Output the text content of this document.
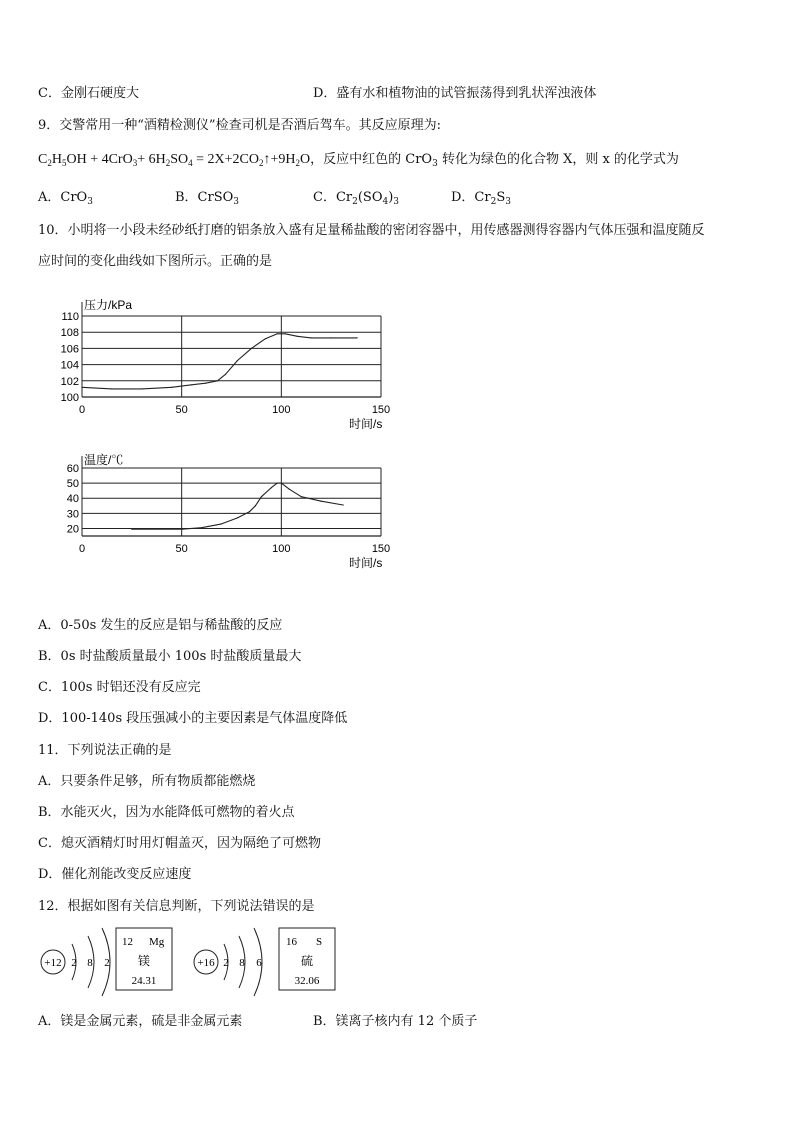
C．金刚石硬度大	D．盛有水和植物油的试管振荡得到乳状浑浊液体
9．交警常用一种“酒精检测仪”检查司机是否酒后驾车。其反应原理为:
$C_2H_5OH + 4CrO_3+ 6H_2SO_4$ = $2X+2CO_2↑+9H_2O$，反应中红色的 CrO$_3$ 转化为绿色的化合物 X，则 x 的化学式为
A．CrO$_3$	B．CrSO$_3$	C．$Cr_2(SO_4)_3$	D．$Cr_2S_3$
10．小明将一小段未经砂纸打磨的铝条放入盛有足量稀盐酸的密闭容器中，用传感器测得容器内气体压强和温度随反
应时间的变化曲线如下图所示。正确的是
100
102
104
106
108
110
0	50	100	150
压力/kPa
时间/s
20
30
40
50
60
0	50	100	150
温度/℃
时间/s
A．0-50s 发生的反应是铝与稀盐酸的反应
B．0s 时盐酸质量最小 100s 时盐酸质量最大
C．100s 时铝还没有反应完
D．100-140s 段压强减小的主要因素是气体温度降低
11．下列说法正确的是
A．只要条件足够，所有物质都能燃烧
B．水能灭火，因为水能降低可燃物的着火点
C．熄灭酒精灯时用灯帽盖灭，因为隔绝了可燃物
D．催化剂能改变反应速度
12．根据如图有关信息判断，下列说法错误的是
+12 2 8 2
12 Mg
镁
24.31
+16 2 8 6
16 S
硫
32.06
A．镁是金属元素，硫是非金属元素	B．镁离子核内有 12 个质子
